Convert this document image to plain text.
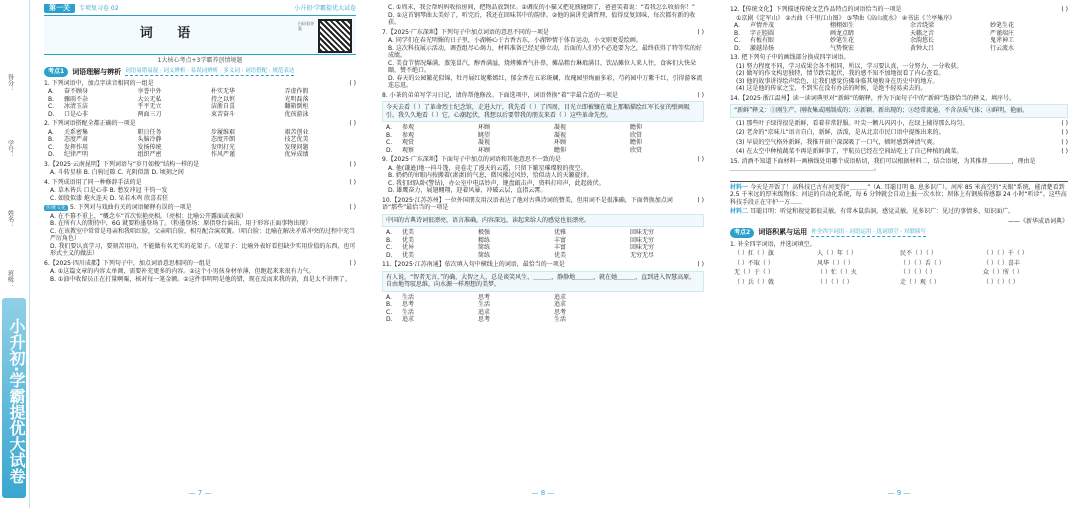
得分：
学号：
姓名：
班级：
小升初·学霸提优大试卷
第一关 专项复习卷 02	小升初·学霸提优大试卷
词 语
扫码看答案
1大核心考点+3学霸养创情境题
考点1	词语理解与辨析 词语易错易混 · 词义辨析 · 易误词辨析 · 多义词 · 词语搭配 · 规范表达
1. 下列词语中，加点字读音相同的一组是	( )
A.	奋不顾身	享誉中外	朴实无华	弄虚作假
B.	骤雨不杂	大公无私	持之以恒	光明磊落
C.	冰清玉洁	乎平无立	洁浙自喜	翻箱倒柜
D.	口是心非	两面三刀	束苦奋斗	优孩游泳
2. 下列词语搭配全都正确的一项是	( )
A.	关系密集	职日任务	步履维艰	艰苦创业
B.	态度严肃	头脑冷静	态度开朗	技艺优美
C.	发挥作用	发扬传统	发明打光	发现问题
D.	纪律严明	组织严密	作风严谨	优异成绩
3.【2025·云南昆明】下列词语与“岁月如梭”结构一样的是	( )
A. 斗转星移 B. 白驹过隙 C. 光阴似箭 D. 顷刻之间
4. 下列成语用了同一种修辞手法的是	( )
A. 草木皆兵 口是心非 B. 愁发冲冠 千钧一发
C. 如股似漆 炮火连天 D. 呆若木鸡 欣喜若狂
传统文化 5. 下列对与戏曲有关的词语解释有误的一项是	( )
A. 在不幕不重上，“概念车”首次惊艳亮相。（亮相：比喻公开露面或表演）
B. 在所有人的期待中，6G 就要粉墨登场了。（粉墨登场：原指登台演出，用于形容正面事物出现）
C. 在该教室中常常是母亲和我唱红脸，父亲唱白脸，相互配合演双簧。（唱白脸：比喻在解决矛盾冲突的过程中充当严厉角色）
D. 我们要认真学习，要刻苦用功，不能做有名无实的花架子。（花架子：比喻外表好看但缺少实用价值的东西，也可形式主义的做法）
6.【2025·四川成都】下列句子中，加点词语意思相同的一组是	( )
A. ①这篇文章的内容太单调，需要补充更多的内容。②这个小男孩身材单薄，但跑起来来很有力气。
B. ①油中收留员正在打量啊粟，核对每一笔金额。②这件事明明是他的错，现在反而来我的黄，真是太不讲理了。
— 7 —
C. ①周末，我会帮妈妈收拾房间，把物品放到位。②调皮的小猫又把花瓶碰倒了，爸爸笑着说：“看我怎么收拾你！”
D. ①这首钢琴曲太美好了，听完后，我还在回味其中的韵律。②他的演讲充满哲理，值得反复回味，每次都有新的收获。
7.【2025·广东深圳】下列句子中加点词语的意思不同的一项是	( )
A. 同学们在春光明媚的日子里，小湖畅心于古香古东，小湖钟情于体育运动，小文则更爱绘画。
B. 这次科技展示活动，调查组尽心竭力，材料准备已经足够立动，后面的人们仍不必追要为之，最终获得了特等奖的好成绩。
C. 美食节情况爆满，蒸笼冒汽，醇香满溢，烧烤摊香气扑鼻，摊晶粗台琳琅满目，饮品摊位人来人往，食客们大快朵颐，赞不绝口。
D. 春天的公园繁花似锦，牡丹展红妮紫嫣红，郁金香在五彩斑斓，玫瑰园里绚丽多彩，芍药园中万紫千红，引得游客流连忘返。
8. 小茶的弟弟写学习日记，请你帮他修改。下面选项中，词语替换“着”字最合适的一项是	( )
今天去看（ ）了革命烈士纪念馆，走进大厅，我先看（ ）了四周，目光立即被镶在墙上那幅描绘红军长征的壁画吸引。我久久地看（ ）它，心潮起伏，我想以后要带我的朋友来看（ ）这些革命先烈。
A.	参观	环顾	凝视	瞻仰
B.	参观	眺望	凝视	欣赏
C.	观赏	凝视	环顾	瞻仰
D.	观察	环顾	瞻仰	欣赏
9.【2025·广东深圳】下面句子中加点的词语和其他意思不一致的是	( )
A. 他(谦逊)地一抖斗篷，竟卷走了漫天的云霞，只留下繁星璀璨般的夜空。
B. 奶奶的帘眼内按搬着(湊湊)的气息，微风拂过风铃，恰似动人的天籁旋律。
C. 我们团队卧(警钻)，办公室中电话铃声，键盘敲击声，资料打印声，此起彼伏。
D. 雄鹰奋力，展翅翱翔，迎着风暴，冲破云层，直指云霄。
10.【2025·江苏苏州】一位外国朋友用汉语表达了他对古典诗词的赞美，但用词不是很准确，下面替换加点词语“那些”最恰当的一项是
( )
中国的古典诗词很漂亮，语言准确，内容深远，读起来给人的感觉也很漂亮。
A.	优美	极强	优雅	回味无穷
B.	优美	精练	丰富	回味无穷
C.	优异	简练	丰富	回味无穷
D.	优美	简练	优美	无穷无尽
11.【2025·江苏南通】依次填入句中横线上的词语，最恰当的一项是	( )
有人说，“智者无言，”的确，大智之人，总是谈笑风生，＿＿＿，静静地＿＿＿，就在她＿＿＿，直到进入智慧高原。自由地驾驭思维，向水源一样理想的美梦。
A.	生活	思考	追求
B.	思考	生活	追求
C.	生活	追求	思考
D.	追求	思考	生活
— 8 —
12.【传统文化】下列描述传统文艺作品特点的词语恰当的一项是	( )
①京剧《定军山》 ②古曲《千里江山图》 ③琴曲《高山流水》 ④书法《兰亭集序》
A.	声情并茂	栩栩如生	余音绕梁	妙笔生花
B.	字正腔圆	画龙点睛	天籁之音	严谨端庄
C.	有板有眼	妙笔生花	余韵悠长	鬼斧神工
D.	激越昂扬	气势恢宏	黄钟大吕	行云流水
13. 把下列句子中的画线部分换成四字词语。
(1) 努力程度不同，学习成果会各不相同，所以，学习要认真，一分努力，一分收获。
(2) 做写的作文构思独特，情节跌宕起伏，我的感不知不加地很看了内心查看。
(3) 他的故事讲得绘声绘色，让我们感觉仿佛身临其境般身在历史中的地方。
(4) 这是他的传家之宝，不到实在没有办法的时候，是绝不轻易卖去的。
14.【2025·浙江温州】读一读词典里对“新鲜”的解释，并为下面句子中的“新鲜”选择恰当的释义，填序号。
“新鲜”释义：①刚生产、刚收集或刚制成的；②新颖、新出现的；③经常流通，不含杂质气体；④鲜明，艳丽。
(1) 那些叶子绿得很是新鲜，看着非常舒服。叶尖一颗儿闪闪小，在绿上辅得那么均匀。	( )
(2) 老舍的“京味儿”语言自白，新鲜，活泼，是从北京市民口语中提炼出来的。	( )
(3) 早晨的空气格外新鲜，我推开窗户深深吸了一口气，顿时感到神清气爽。	( )
(4) 在太空中种植蔬菜不再是新鲜事了，宇航员已经在空间站吃上了自己种植的蔬菜。	( )
15. 消酒不知道下面材料一画横线处用哪个成语贴切，我们可以根据材料二，结合语境，为其推荐＿＿＿＿，理由是＿＿＿＿＿＿＿＿＿＿＿＿＿＿＿＿＿＿＿＿＿＿＿＿。
材料一 今天是开饭了！高科技已古有河变得“＿＿＿”（A. 耳聪目明 B. 息多识广）。河库 85 米高空的“天眼”系统，能清楚看到 2.5 千米远的厚米级物体；河运的自动化系统，每 6 分钟就会自动上报一次水位；坝体上有钢质传感器 24 小时“听诊”。这些高科技手段正在守护一方……
材料二 耳聪目明：听觉和视觉都很灵敏。有常本鼠浩洞，感觉灵敏。见多识广：见过的事情多，知识面广。
——《新华成语词典》
考点2	词语积累与运用 补全四字词语 · 词语运用 · 选词填空 · 对联续写
1. 补全四字词语，并选词填空。
（ ）扛（ ）旗	人（ ）年（ ）	民不（ ）（ ）	（ ）（ ）千（ ）
（ ）不取（ ）	风华（ ）（ ）	（ ）（ ）舌（ ）	（ ）（ ）喜丰
无（ ）于（ ）	（ ）忙（ ）火	（ ）（ ）（ ）	众（ ）所（ ）
（ ）兵（ ）戟	（ ）（ ）（ ）	走（ ）观（ ）	（ ）（ ）（ ）
— 9 —
